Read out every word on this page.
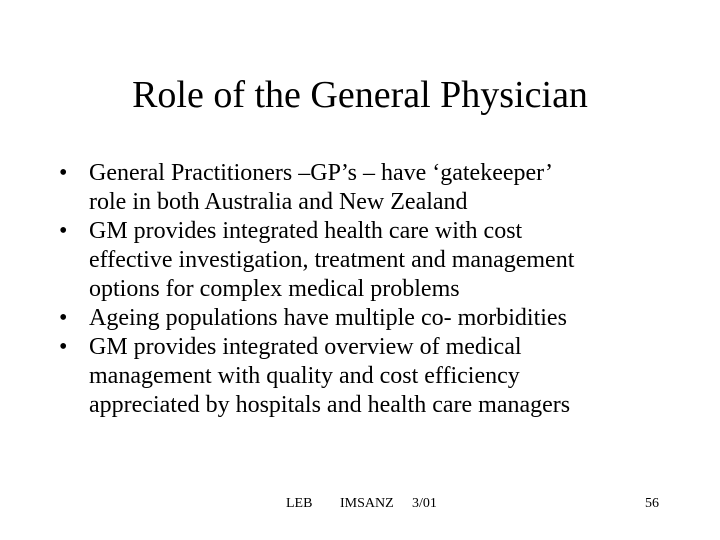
Role of the General Physician
• General Practitioners –GP’s – have ‘gatekeeper’
role in both Australia and New Zealand
• GM provides integrated health care with cost
effective investigation, treatment and management
options for complex medical problems
• Ageing populations have multiple co- morbidities
• GM provides integrated overview of medical
management with quality and cost efficiency
appreciated by hospitals and health care managers
LEB IMSANZ 3/01	56
